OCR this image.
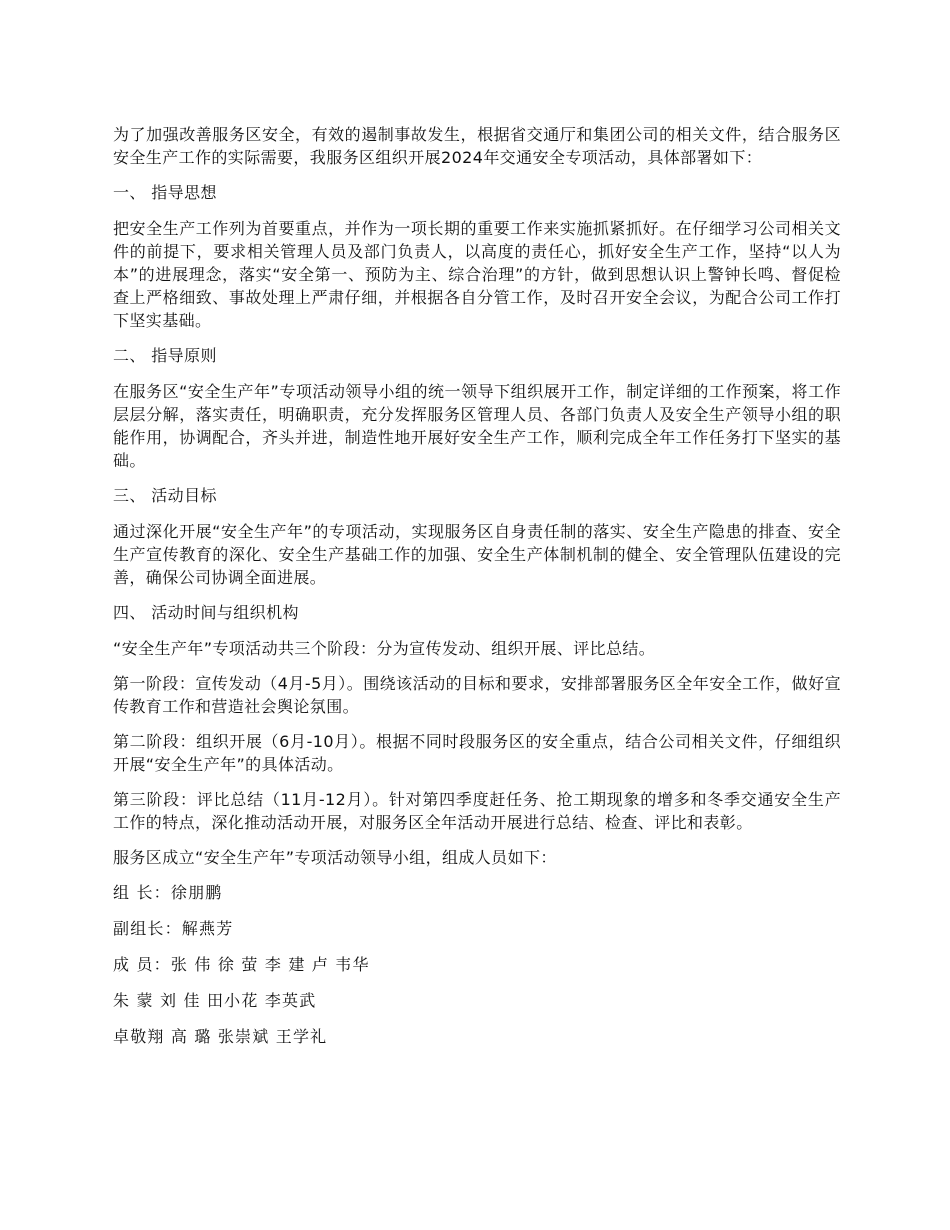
为了加强改善服务区安全，有效的遏制事故发生，根据省交通厅和集团公司的相关文件，结合服务区安全生产工作的实际需要，我服务区组织开展2024年交通安全专项活动，具体部署如下：

一、 指导思想

把安全生产工作列为首要重点，并作为一项长期的重要工作来实施抓紧抓好。在仔细学习公司相关文件的前提下，要求相关管理人员及部门负责人，以高度的责任心，抓好安全生产工作，坚持“以人为本”的进展理念，落实“安全第一、预防为主、综合治理”的方针，做到思想认识上警钟长鸣、督促检查上严格细致、事故处理上严肃仔细，并根据各自分管工作，及时召开安全会议，为配合公司工作打下坚实基础。

二、 指导原则

在服务区“安全生产年”专项活动领导小组的统一领导下组织展开工作，制定详细的工作预案，将工作层层分解，落实责任，明确职责，充分发挥服务区管理人员、各部门负责人及安全生产领导小组的职能作用，协调配合，齐头并进，制造性地开展好安全生产工作，顺利完成全年工作任务打下坚实的基础。

三、 活动目标

通过深化开展“安全生产年”的专项活动，实现服务区自身责任制的落实、安全生产隐患的排查、安全生产宣传教育的深化、安全生产基础工作的加强、安全生产体制机制的健全、安全管理队伍建设的完善，确保公司协调全面进展。

四、 活动时间与组织机构

“安全生产年”专项活动共三个阶段：分为宣传发动、组织开展、评比总结。

第一阶段：宣传发动（4月-5月）。围绕该活动的目标和要求，安排部署服务区全年安全工作，做好宣传教育工作和营造社会舆论氛围。

第二阶段：组织开展（6月-10月）。根据不同时段服务区的安全重点，结合公司相关文件，仔细组织开展“安全生产年”的具体活动。

第三阶段：评比总结（11月-12月）。针对第四季度赶任务、抢工期现象的增多和冬季交通安全生产工作的特点，深化推动活动开展，对服务区全年活动开展进行总结、检查、评比和表彰。

服务区成立“安全生产年”专项活动领导小组，组成人员如下：

组 长：徐朋鹏

副组长：解燕芳

成 员：张 伟 徐 萤 李 建 卢 韦华

朱 蒙 刘 佳 田小花 李英武

卓敬翔 高 璐 张崇斌 王学礼
